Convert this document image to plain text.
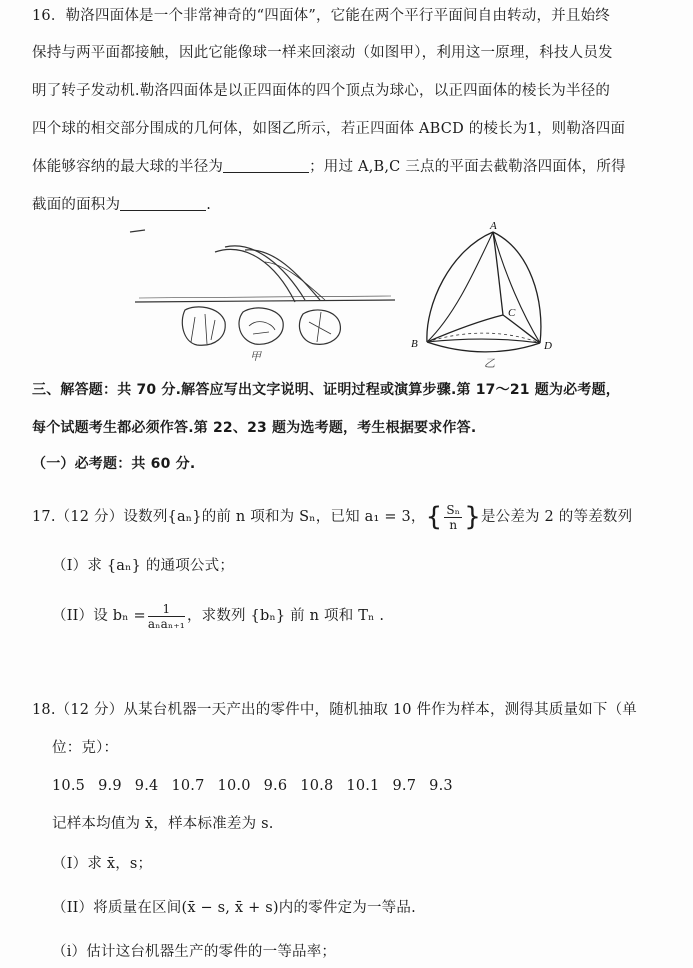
16．勒洛四面体是一个非常神奇的“四面体”，它能在两个平行平面间自由转动，并且始终
保持与两平面都接触，因此它能像球一样来回滚动（如图甲），利用这一原理，科技人员发
明了转子发动机.勒洛四面体是以正四面体的四个顶点为球心，以正四面体的棱长为半径的
四个球的相交部分围成的几何体，如图乙所示，若正四面体 ABCD 的棱长为1，则勒洛四面
体能够容纳的最大球的半径为	；用过 A,B,C 三点的平面去截勒洛四面体，所得
截面的面积为	.
甲
A
B
C
D
乙
三、解答题：共 70 分.解答应写出文字说明、证明过程或演算步骤.第 17～21 题为必考题，
每个试题考生都必须作答.第 22、23 题为选考题，考生根据要求作答.
（一）必考题：共 60 分.
17.（12 分）设数列{aₙ}的前 n 项和为 Sₙ，已知 a₁ = 3，{ $\frac{\text{Sₙ}}{n}$ }是公差为 2 的等差数列
（I）求 {aₙ} 的通项公式；
（II）设 $b_n = \frac{1}{\text{aₙaₙ₊₁}}$ ，求数列 {bₙ} 前 n 项和 Tₙ .
18.（12 分）从某台机器一天产出的零件中，随机抽取 10 件作为样本，测得其质量如下（单
位：克）：
10.5 9.9 9.4 10.7 10.0 9.6 10.8 10.1 9.7 9.3
记样本均值为 x̄，样本标准差为 s.
（I）求 x̄，s；
（II）将质量在区间(x̄ − s, x̄ + s)内的零件定为一等品.
（i）估计这台机器生产的零件的一等品率；
